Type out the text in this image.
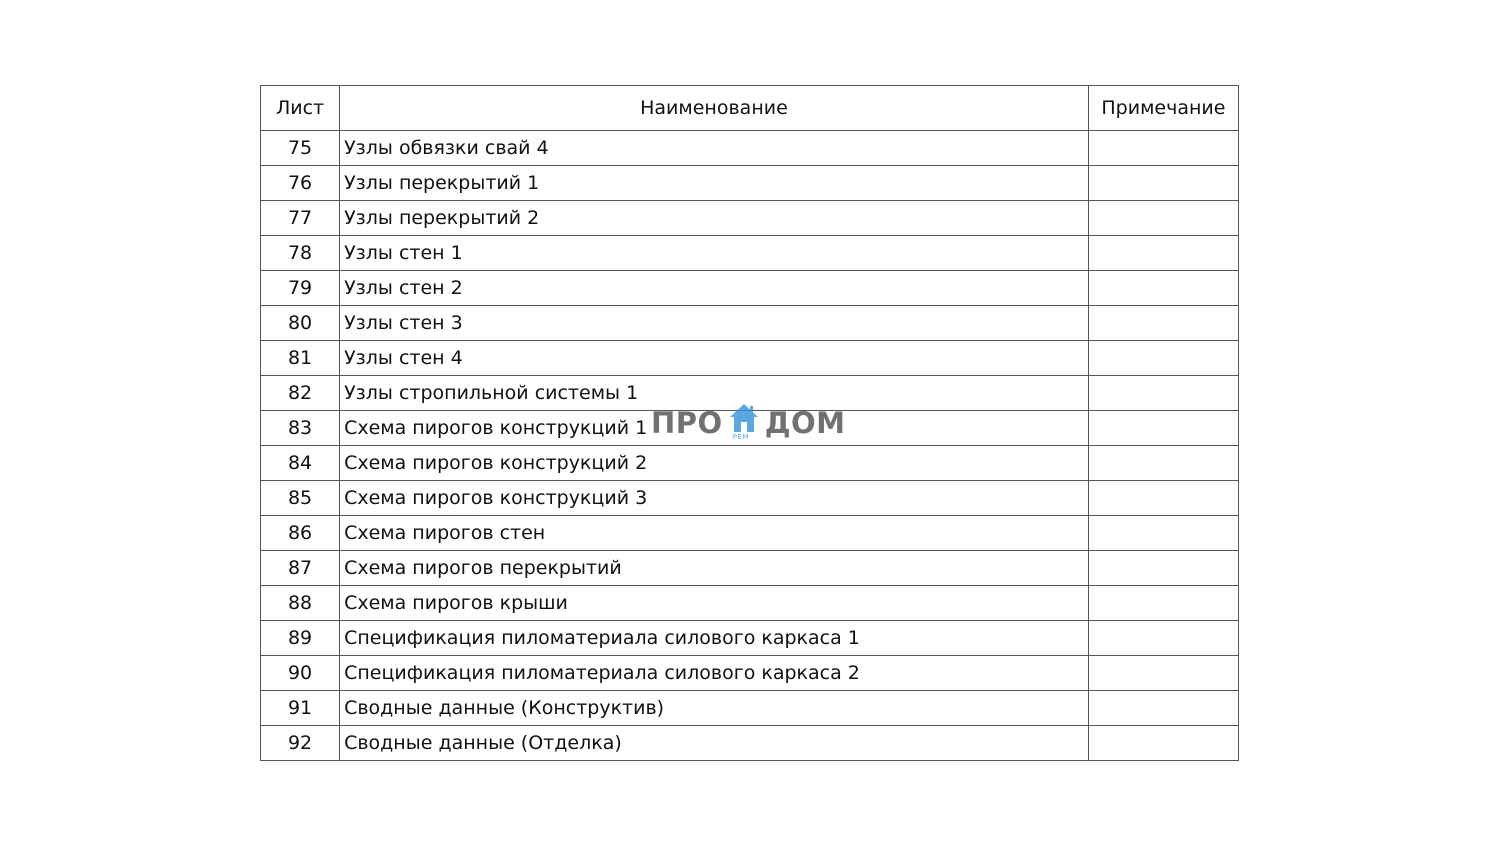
Лист	Наименование	Примечание
75	Узлы обвязки свай 4	
76	Узлы перекрытий 1	
77	Узлы перекрытий 2	
78	Узлы стен 1	
79	Узлы стен 2	
80	Узлы стен 3	
81	Узлы стен 4	
82	Узлы стропильной системы 1	
83	Схема пирогов конструкций 1	
84	Схема пирогов конструкций 2	
85	Схема пирогов конструкций 3	
86	Схема пирогов стен	
87	Схема пирогов перекрытий	
88	Схема пирогов крыши	
89	Спецификация пиломатериала силового каркаса 1	
90	Спецификация пиломатериала силового каркаса 2	
91	Сводные данные (Конструктив)	
92	Сводные данные (Отделка)	
ПРО РЕМ ДОМ
